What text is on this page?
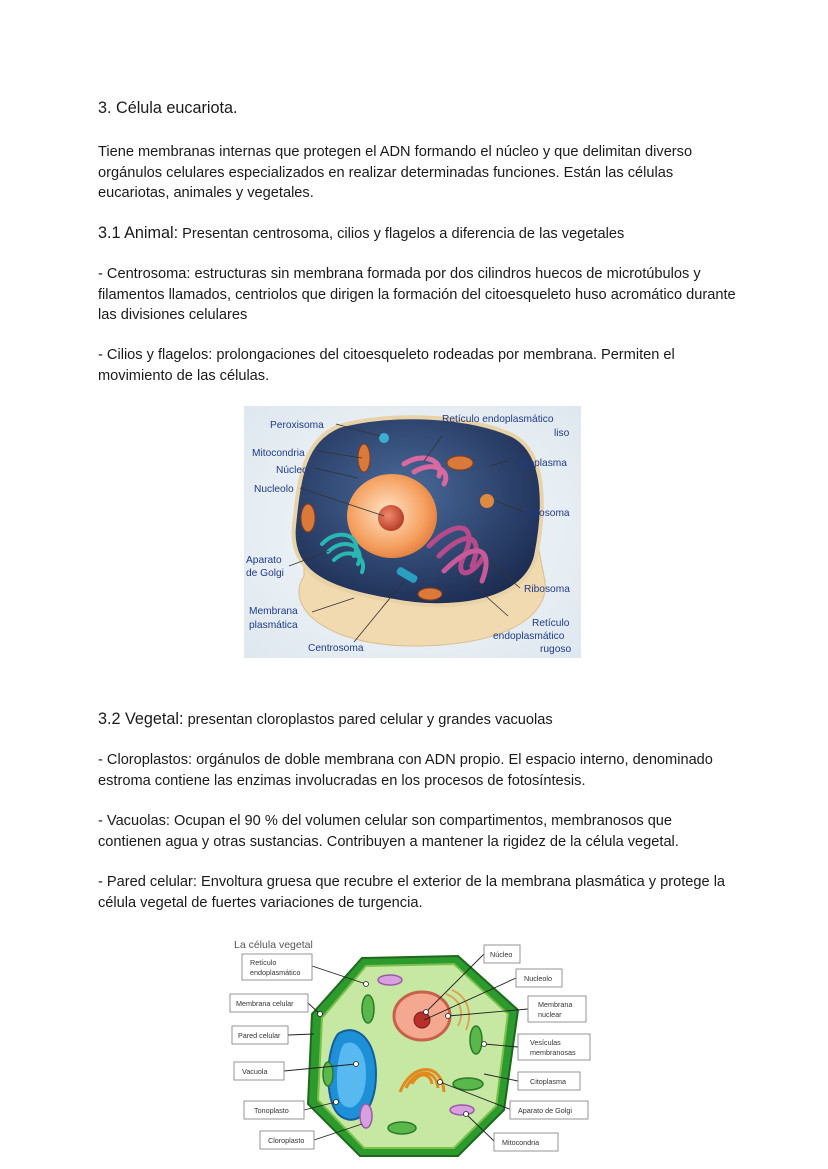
3. Célula eucariota.

Tiene membranas internas que protegen el ADN formando el núcleo y que delimitan diverso orgánulos celulares especializados en realizar determinadas funciones. Están las células eucariotas, animales y vegetales.

3.1 Animal: Presentan centrosoma, cilios y flagelos a diferencia de las vegetales

- Centrosoma: estructuras sin membrana formada por dos cilindros huecos de microtúbulos y filamentos llamados, centriolos que dirigen la formación del citoesqueleto huso acromático durante las divisiones celulares

- Cilios y flagelos: prolongaciones del citoesqueleto rodeadas por membrana. Permiten el movimiento de las células.

Peroxisoma
Retículo endoplasmático
liso
Mitocondria
Núcleo
Citoplasma
Nucleolo
Lisosoma
Aparato
de Golgi
Ribosoma
Membrana
plasmática	Retículo
endoplasmático
rugoso
Centrosoma

3.2 Vegetal: presentan cloroplastos pared celular y grandes vacuolas

- Cloroplastos: orgánulos de doble membrana con ADN propio. El espacio interno, denominado estroma contiene las enzimas involucradas en los procesos de fotosíntesis.

- Vacuolas: Ocupan el 90 % del volumen celular son compartimentos, membranosos que contienen agua y otras sustancias. Contribuyen a mantener la rigidez de la célula vegetal.

- Pared celular: Envoltura gruesa que recubre el exterior de la membrana plasmática y protege la célula vegetal de fuertes variaciones de turgencia.

La célula vegetal
Retículo
endoplasmático
Membrana celular
Pared celular
Vacuola
Tonoplasto
Cloroplasto
Núcleo
Nucleolo
Membrana
nuclear
Vesículas
membranosas
Citoplasma
Aparato de Golgi
Mitocondria
